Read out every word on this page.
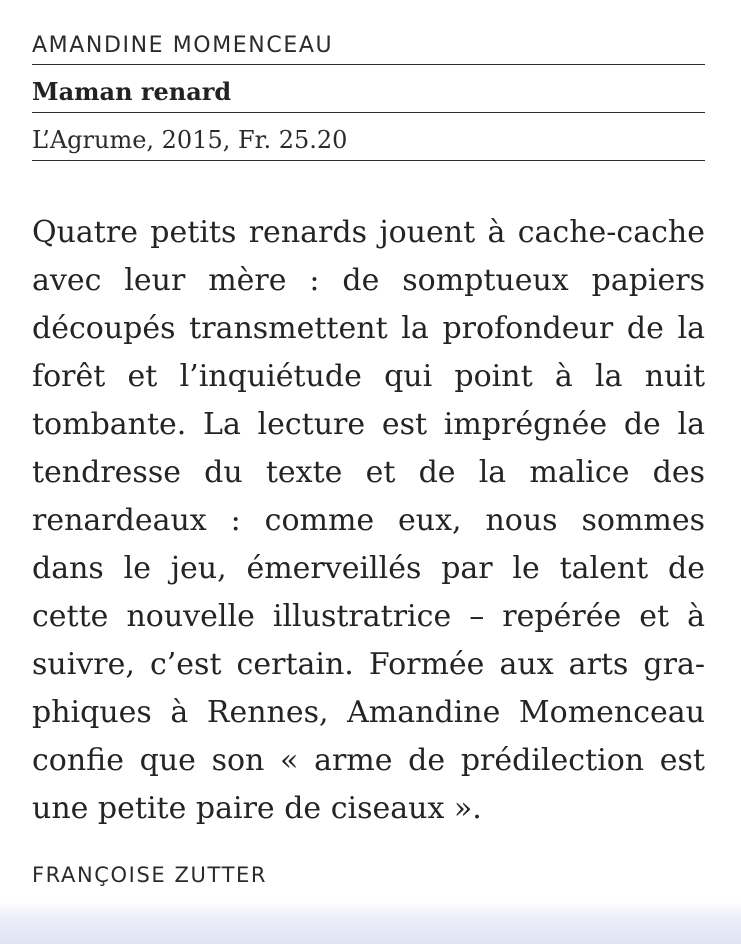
AMANDINE MOMENCEAU
Maman renard
L’Agrume, 2015, Fr. 25.20

Quatre petits renards jouent à cache-cache avec leur mère : de somptueux papiers découpés transmettent la profondeur de la forêt et l’inquiétude qui point à la nuit tombante. La lecture est imprégnée de la tendresse du texte et de la malice des renardeaux : comme eux, nous sommes dans le jeu, émerveillés par le talent de cette nouvelle illustratrice – repérée et à suivre, c’est certain. Formée aux arts graphiques à Rennes, Amandine Momenceau confie que son « arme de prédilection est une petite paire de ciseaux ».

FRANÇOISE ZUTTER
